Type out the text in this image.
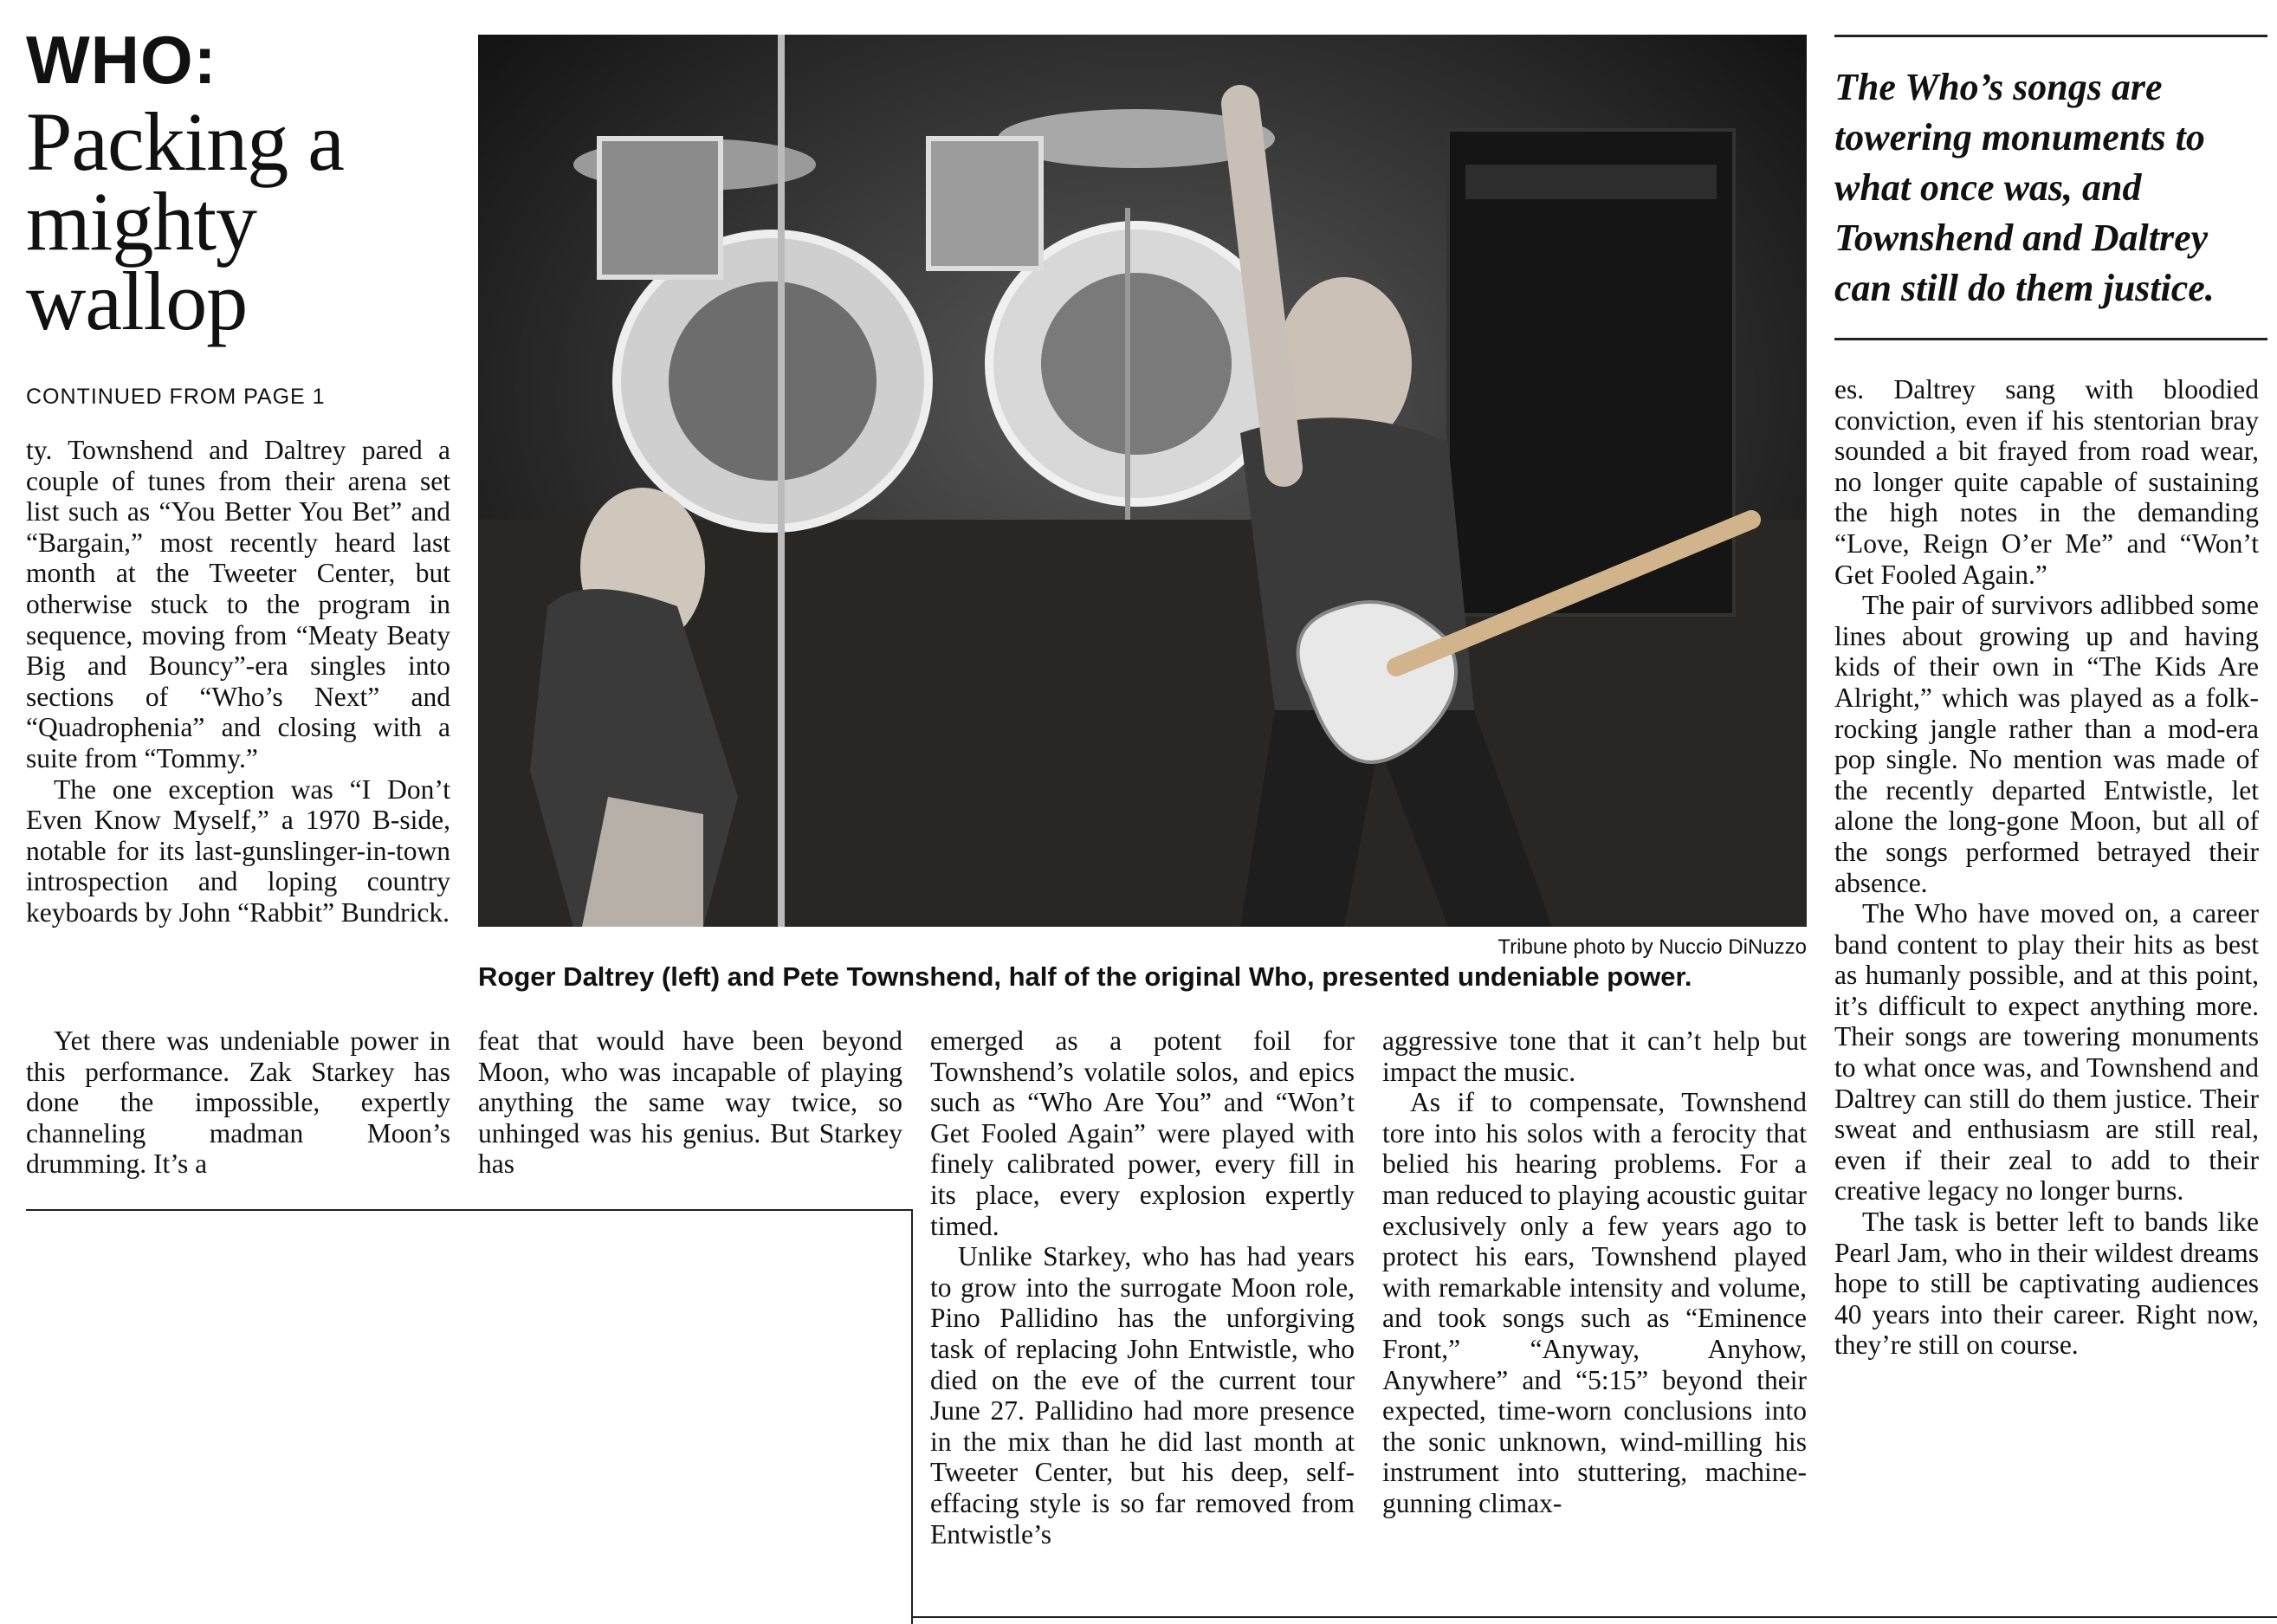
WHO:
Packing a mighty wallop
CONTINUED FROM PAGE 1

ty. Townshend and Daltrey pared a couple of tunes from their arena set list such as “You Better You Bet” and “Bargain,” most recently heard last month at the Tweeter Center, but otherwise stuck to the program in sequence, moving from “Meaty Beaty Big and Bouncy”-era singles into sections of “Who’s Next” and “Quadrophenia” and closing with a suite from “Tommy.”

The one exception was “I Don’t Even Know Myself,” a 1970 B-side, notable for its last-gunslinger-in-town introspection and loping country keyboards by John “Rabbit” Bundrick.

Tribune photo by Nuccio DiNuzzo
Roger Daltrey (left) and Pete Townshend, half of the original Who, presented undeniable power.
The Who’s songs are towering monuments to what once was, and Townshend and Daltrey can still do them justice.

Yet there was undeniable power in this performance. Zak Starkey has done the impossible, expertly channeling madman Moon’s drumming. It’s a

feat that would have been beyond Moon, who was incapable of playing anything the same way twice, so unhinged was his genius. But Starkey has

emerged as a potent foil for Townshend’s volatile solos, and epics such as “Who Are You” and “Won’t Get Fooled Again” were played with finely calibrated power, every fill in its place, every explosion expertly timed.

Unlike Starkey, who has had years to grow into the surrogate Moon role, Pino Pallidino has the unforgiving task of replacing John Entwistle, who died on the eve of the current tour June 27. Pallidino had more presence in the mix than he did last month at Tweeter Center, but his deep, self-effacing style is so far removed from Entwistle’s

aggressive tone that it can’t help but impact the music.

As if to compensate, Townshend tore into his solos with a ferocity that belied his hearing problems. For a man reduced to playing acoustic guitar exclusively only a few years ago to protect his ears, Townshend played with remarkable intensity and volume, and took songs such as “Eminence Front,” “Anyway, Anyhow, Anywhere” and “5:15” beyond their expected, time-worn conclusions into the sonic unknown, wind-milling his instrument into stuttering, machine-gunning climax-

es. Daltrey sang with bloodied conviction, even if his stentorian bray sounded a bit frayed from road wear, no longer quite capable of sustaining the high notes in the demanding “Love, Reign O’er Me” and “Won’t Get Fooled Again.”

The pair of survivors adlibbed some lines about growing up and having kids of their own in “The Kids Are Alright,” which was played as a folk-rocking jangle rather than a mod-era pop single. No mention was made of the recently departed Entwistle, let alone the long-gone Moon, but all of the songs performed betrayed their absence.

The Who have moved on, a career band content to play their hits as best as humanly possible, and at this point, it’s difficult to expect anything more. Their songs are towering monuments to what once was, and Townshend and Daltrey can still do them justice. Their sweat and enthusiasm are still real, even if their zeal to add to their creative legacy no longer burns.

The task is better left to bands like Pearl Jam, who in their wildest dreams hope to still be captivating audiences 40 years into their career. Right now, they’re still on course.
